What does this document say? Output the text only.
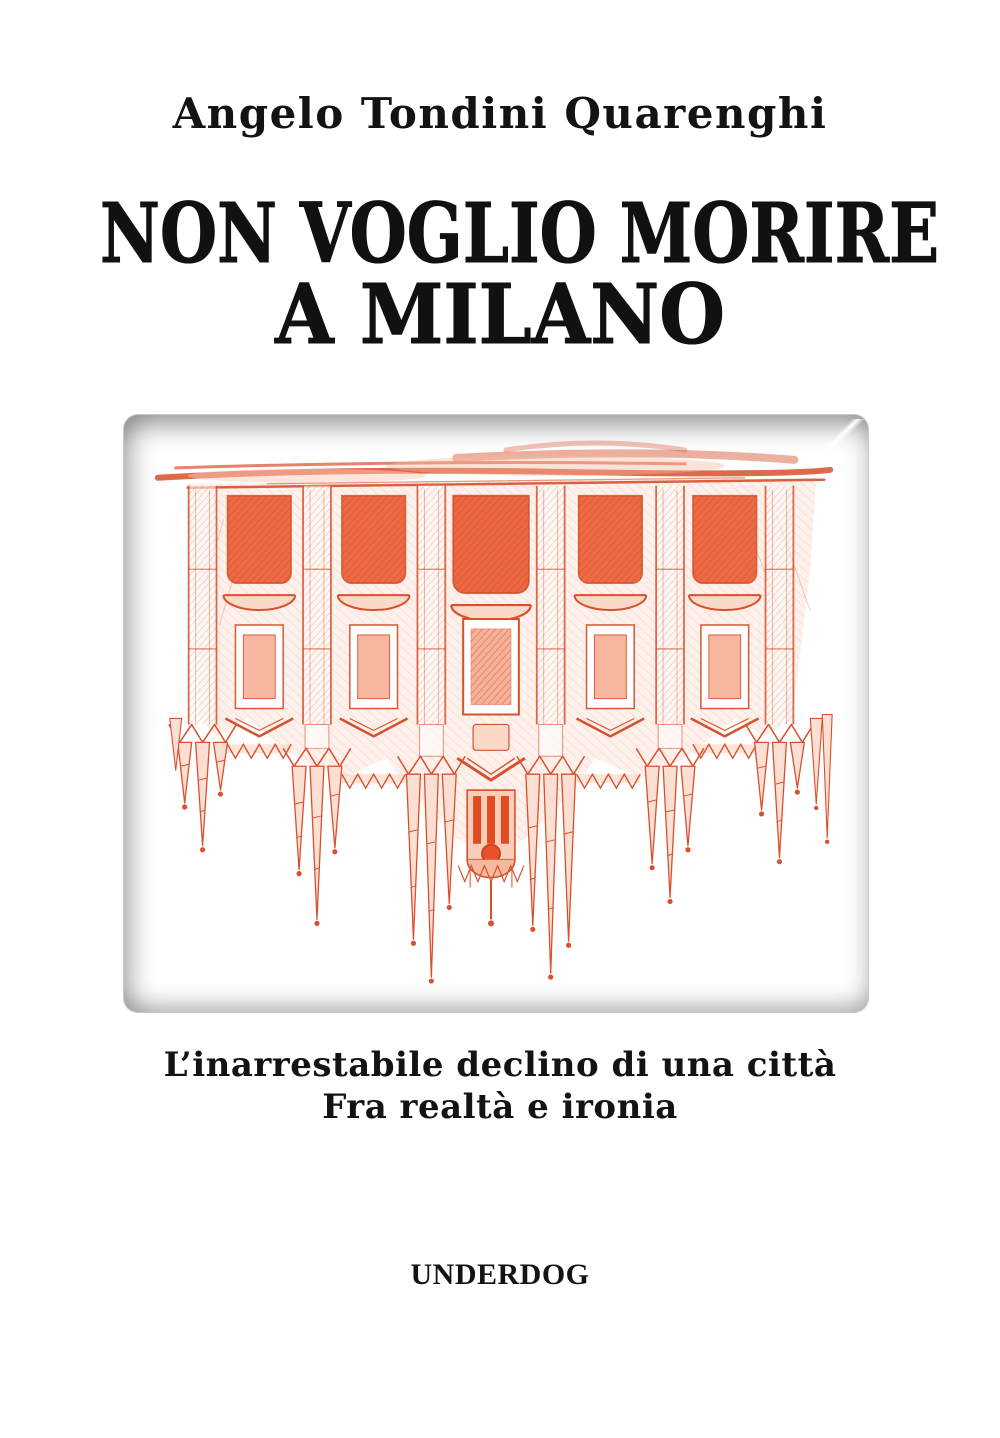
Angelo Tondini Quarenghi
NON VOGLIO MORIRE
A MILANO
L’inarrestabile declino di una città
Fra realtà e ironia
UNDERDOG
